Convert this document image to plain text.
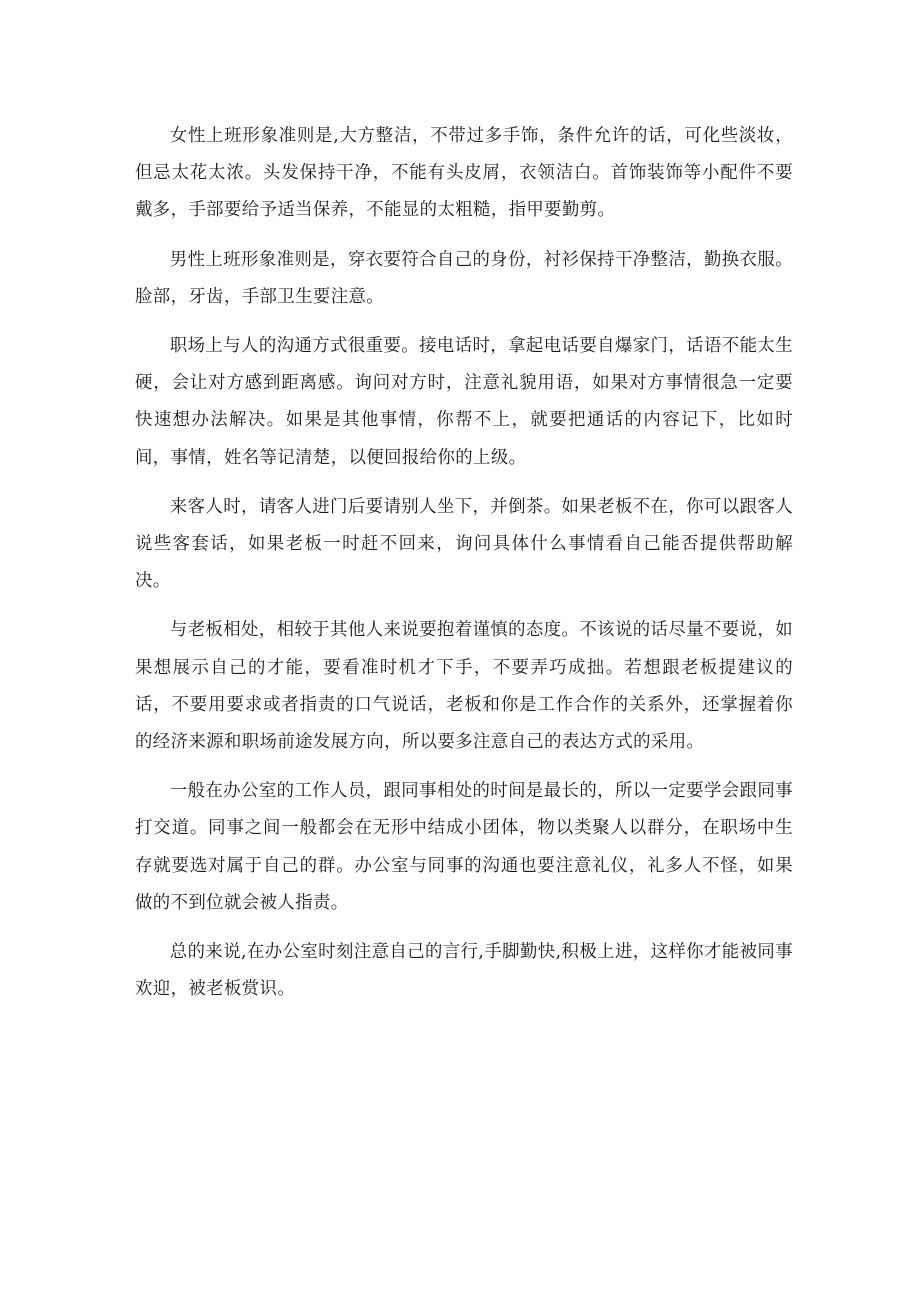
女性上班形象准则是,大方整洁，不带过多手饰，条件允许的话，可化些淡妆，但忌太花太浓。头发保持干净，不能有头皮屑，衣领洁白。首饰装饰等小配件不要戴多，手部要给予适当保养，不能显的太粗糙，指甲要勤剪。

男性上班形象准则是，穿衣要符合自己的身份，衬衫保持干净整洁，勤换衣服。脸部，牙齿，手部卫生要注意。

职场上与人的沟通方式很重要。接电话时，拿起电话要自爆家门，话语不能太生硬，会让对方感到距离感。询问对方时，注意礼貌用语，如果对方事情很急一定要快速想办法解决。如果是其他事情，你帮不上，就要把通话的内容记下，比如时间，事情，姓名等记清楚，以便回报给你的上级。

来客人时，请客人进门后要请别人坐下，并倒茶。如果老板不在，你可以跟客人说些客套话，如果老板一时赶不回来，询问具体什么事情看自己能否提供帮助解决。

与老板相处，相较于其他人来说要抱着谨慎的态度。不该说的话尽量不要说，如果想展示自己的才能，要看准时机才下手，不要弄巧成拙。若想跟老板提建议的话，不要用要求或者指责的口气说话，老板和你是工作合作的关系外，还掌握着你的经济来源和职场前途发展方向，所以要多注意自己的表达方式的采用。

一般在办公室的工作人员，跟同事相处的时间是最长的，所以一定要学会跟同事打交道。同事之间一般都会在无形中结成小团体，物以类聚人以群分，在职场中生存就要选对属于自己的群。办公室与同事的沟通也要注意礼仪，礼多人不怪，如果做的不到位就会被人指责。

总的来说,在办公室时刻注意自己的言行,手脚勤快,积极上进，这样你才能被同事欢迎，被老板赏识。
